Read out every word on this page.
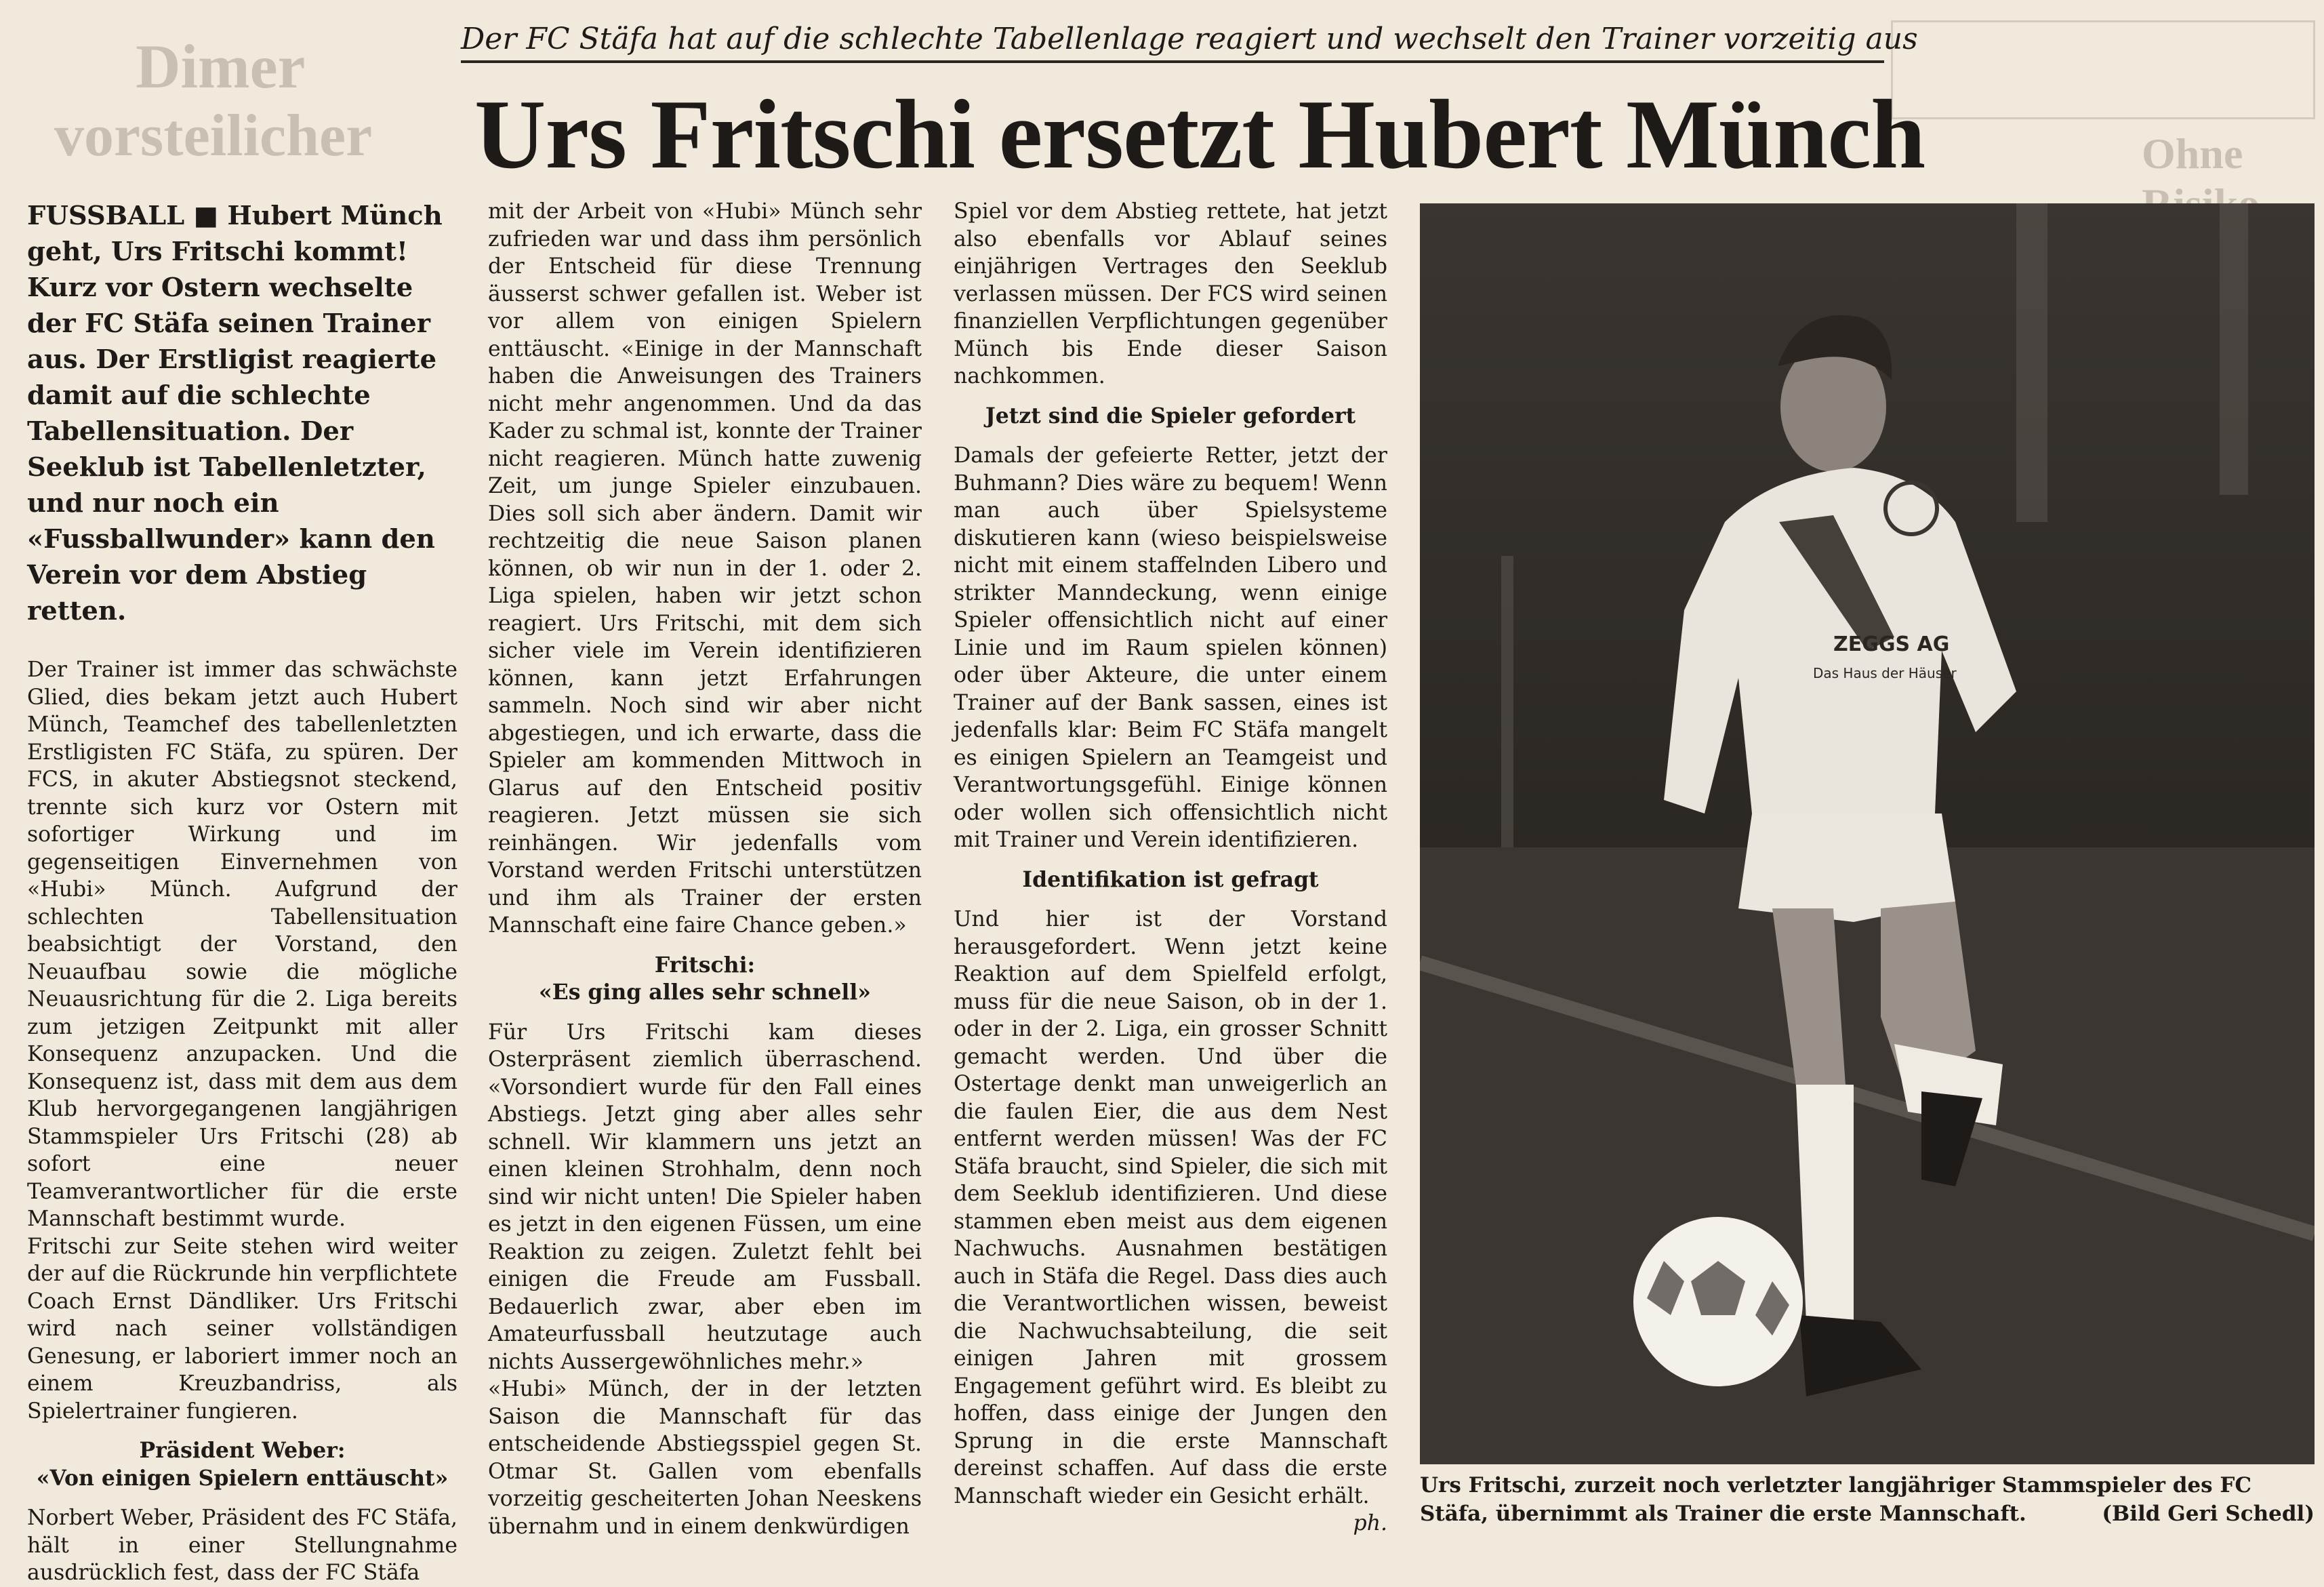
Dimer
vorsteilicher	Ohne
Der FC Stäfa hat auf die schlechte Tabellenlage reagiert und wechselt den Trainer vorzeitig aus
Urs Fritschi ersetzt Hubert Münch

FUSSBALL ■ Hubert Münch geht, Urs Fritschi kommt! Kurz vor Ostern wechselte der FC Stäfa seinen Trainer aus. Der Erstligist reagierte damit auf die schlechte Tabellensituation. Der Seeklub ist Tabellenletzter, und nur noch ein «Fussballwunder» kann den Verein vor dem Abstieg retten.

Der Trainer ist immer das schwächste Glied, dies bekam jetzt auch Hubert Münch, Teamchef des tabellenletzten Erstligisten FC Stäfa, zu spüren. Der FCS, in akuter Abstiegsnot steckend, trennte sich kurz vor Ostern mit sofortiger Wirkung und im gegenseitigen Einvernehmen von «Hubi» Münch. Aufgrund der schlechten Tabellensituation beabsichtigt der Vorstand, den Neuaufbau sowie die mögliche Neuausrichtung für die 2. Liga bereits zum jetzigen Zeitpunkt mit aller Konsequenz anzupacken. Und die Konsequenz ist, dass mit dem aus dem Klub hervorgegangenen langjährigen Stammspieler Urs Fritschi (28) ab sofort eine neuer Teamverantwortlicher für die erste Mannschaft bestimmt wurde.

Fritschi zur Seite stehen wird weiter der auf die Rückrunde hin verpflichtete Coach Ernst Dändliker. Urs Fritschi wird nach seiner vollständigen Genesung, er laboriert immer noch an einem Kreuzbandriss, als Spielertrainer fungieren.

Präsident Weber:

«Von einigen Spielern enttäuscht»

Norbert Weber, Präsident des FC Stäfa, hält in einer Stellungnahme ausdrücklich fest, dass der FC Stäfa

mit der Arbeit von «Hubi» Münch sehr zufrieden war und dass ihm persönlich der Entscheid für diese Trennung äusserst schwer gefallen ist. Weber ist vor allem von einigen Spielern enttäuscht. «Einige in der Mannschaft haben die Anweisungen des Trainers nicht mehr angenommen. Und da das Kader zu schmal ist, konnte der Trainer nicht reagieren. Münch hatte zuwenig Zeit, um junge Spieler einzubauen. Dies soll sich aber ändern. Damit wir rechtzeitig die neue Saison planen können, ob wir nun in der 1. oder 2. Liga spielen, haben wir jetzt schon reagiert. Urs Fritschi, mit dem sich sicher viele im Verein identifizieren können, kann jetzt Erfahrungen sammeln. Noch sind wir aber nicht abgestiegen, und ich erwarte, dass die Spieler am kommenden Mittwoch in Glarus auf den Entscheid positiv reagieren. Jetzt müssen sie sich reinhängen. Wir jedenfalls vom Vorstand werden Fritschi unterstützen und ihm als Trainer der ersten Mannschaft eine faire Chance geben.»

Fritschi:

«Es ging alles sehr schnell»

Für Urs Fritschi kam dieses Osterpräsent ziemlich überraschend. «Vorsondiert wurde für den Fall eines Abstiegs. Jetzt ging aber alles sehr schnell. Wir klammern uns jetzt an einen kleinen Strohhalm, denn noch sind wir nicht unten! Die Spieler haben es jetzt in den eigenen Füssen, um eine Reaktion zu zeigen. Zuletzt fehlt bei einigen die Freude am Fussball. Bedauerlich zwar, aber eben im Amateurfussball heutzutage auch nichts Aussergewöhnliches mehr.»

«Hubi» Münch, der in der letzten Saison die Mannschaft für das entscheidende Abstiegsspiel gegen St. Otmar St. Gallen vom ebenfalls vorzeitig gescheiterten Johan Neeskens übernahm und in einem denkwürdigen

Spiel vor dem Abstieg rettete, hat jetzt also ebenfalls vor Ablauf seines einjährigen Vertrages den Seeklub verlassen müssen. Der FCS wird seinen finanziellen Verpflichtungen gegenüber Münch bis Ende dieser Saison nachkommen.

Jetzt sind die Spieler gefordert

Damals der gefeierte Retter, jetzt der Buhmann? Dies wäre zu bequem! Wenn man auch über Spielsysteme diskutieren kann (wieso beispielsweise nicht mit einem staffelnden Libero und strikter Manndeckung, wenn einige Spieler offensichtlich nicht auf einer Linie und im Raum spielen können) oder über Akteure, die unter einem Trainer auf der Bank sassen, eines ist jedenfalls klar: Beim FC Stäfa mangelt es einigen Spielern an Teamgeist und Verantwortungsgefühl. Einige können oder wollen sich offensichtlich nicht mit Trainer und Verein identifizieren.

Identifikation ist gefragt

Und hier ist der Vorstand herausgefordert. Wenn jetzt keine Reaktion auf dem Spielfeld erfolgt, muss für die neue Saison, ob in der 1. oder in der 2. Liga, ein grosser Schnitt gemacht werden. Und über die Ostertage denkt man unweigerlich an die faulen Eier, die aus dem Nest entfernt werden müssen! Was der FC Stäfa braucht, sind Spieler, die sich mit dem Seeklub identifizieren. Und diese stammen eben meist aus dem eigenen Nachwuchs. Ausnahmen bestätigen auch in Stäfa die Regel. Dass dies auch die Verantwortlichen wissen, beweist die Nachwuchsabteilung, die seit einigen Jahren mit grossem Engagement geführt wird. Es bleibt zu hoffen, dass einige der Jungen den Sprung in die erste Mannschaft dereinst schaffen. Auf dass die erste Mannschaft wieder ein Gesicht erhält.
ph.

ZEGGS AG
Das Haus der Häuser
Urs Fritschi, zurzeit noch verletzter langjähriger Stammspieler des FC Stäfa, übernimmt als Trainer die erste Mannschaft.	(Bild Geri Schedl)
